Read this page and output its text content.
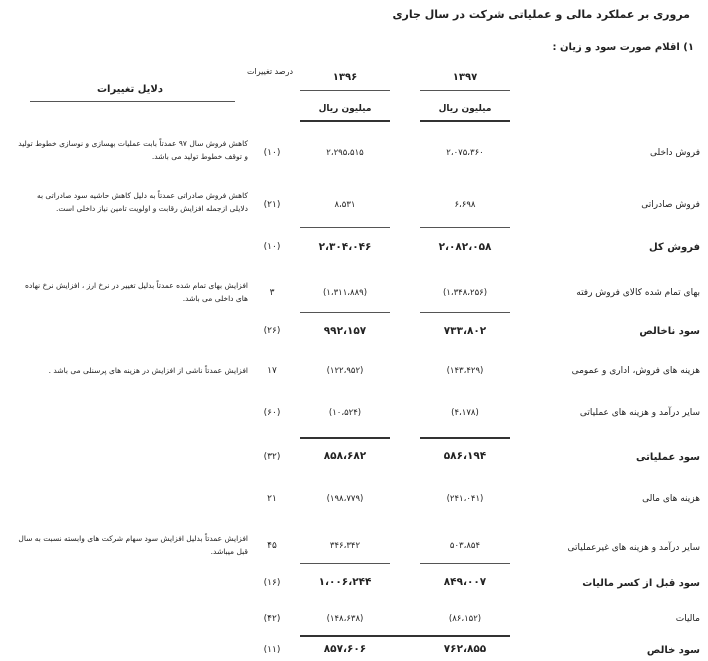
مروری بر عملکرد مالی و عملیاتی شرکت در سال جاری
۱) اقلام صورت سود و زیان :
۱۳۹۷
۱۳۹۶
درصد تغییرات
دلایل تغییرات
میلیون ریال
میلیون ریال
فروش داخلی
۲،۰۷۵،۳۶۰
۲،۲۹۵،۵۱۵
(۱۰)
کاهش فروش سال ۹۷ عمدتاً بابت عملیات بهسازی و نوسازی خطوط تولید و توقف خطوط تولید می باشد.
فروش صادراتی
۶،۶۹۸
۸،۵۳۱
(۲۱)
کاهش فروش صادراتی عمدتاً به دلیل کاهش حاشیه سود صادراتی به دلایلی ازجمله افزایش رقابت و اولویت تامین نیاز داخلی است.
فروش کل
۲،۰۸۲،۰۵۸
۲،۳۰۴،۰۴۶
(۱۰)
بهای تمام شده کالای فروش رفته
(۱،۳۴۸،۲۵۶)
(۱،۳۱۱،۸۸۹)
۳
افزایش بهای تمام شده عمدتاً بدلیل تغییر در نرخ ارز ، افزایش نرخ نهاده های داخلی می باشد.
سود ناخالص
۷۳۳،۸۰۲
۹۹۲،۱۵۷
(۲۶)
هزینه های فروش، اداری و عمومی
(۱۴۳،۴۲۹)
(۱۲۲،۹۵۲)
۱۷
افزایش عمدتاً ناشی از افزایش در هزینه های پرسنلی می باشد .
سایر درآمد و هزینه های عملیاتی
(۴،۱۷۸)
(۱۰،۵۲۴)
(۶۰)
سود عملیاتی
۵۸۶،۱۹۴
۸۵۸،۶۸۲
(۳۲)
هزینه های مالی
(۲۴۱،۰۴۱)
(۱۹۸،۷۷۹)
۲۱
سایر درآمد و هزینه های غیرعملیاتی
۵۰۳،۸۵۴
۳۴۶،۳۴۲
۴۵
افزایش عمدتاً بدلیل افزایش سود سهام شرکت های وابسته نسبت به سال قبل میباشد.
سود قبل از کسر مالیات
۸۴۹،۰۰۷
۱،۰۰۶،۲۴۴
(۱۶)
مالیات
(۸۶،۱۵۲)
(۱۴۸،۶۳۸)
(۴۲)
سود خالص
۷۶۲،۸۵۵
۸۵۷،۶۰۶
(۱۱)
